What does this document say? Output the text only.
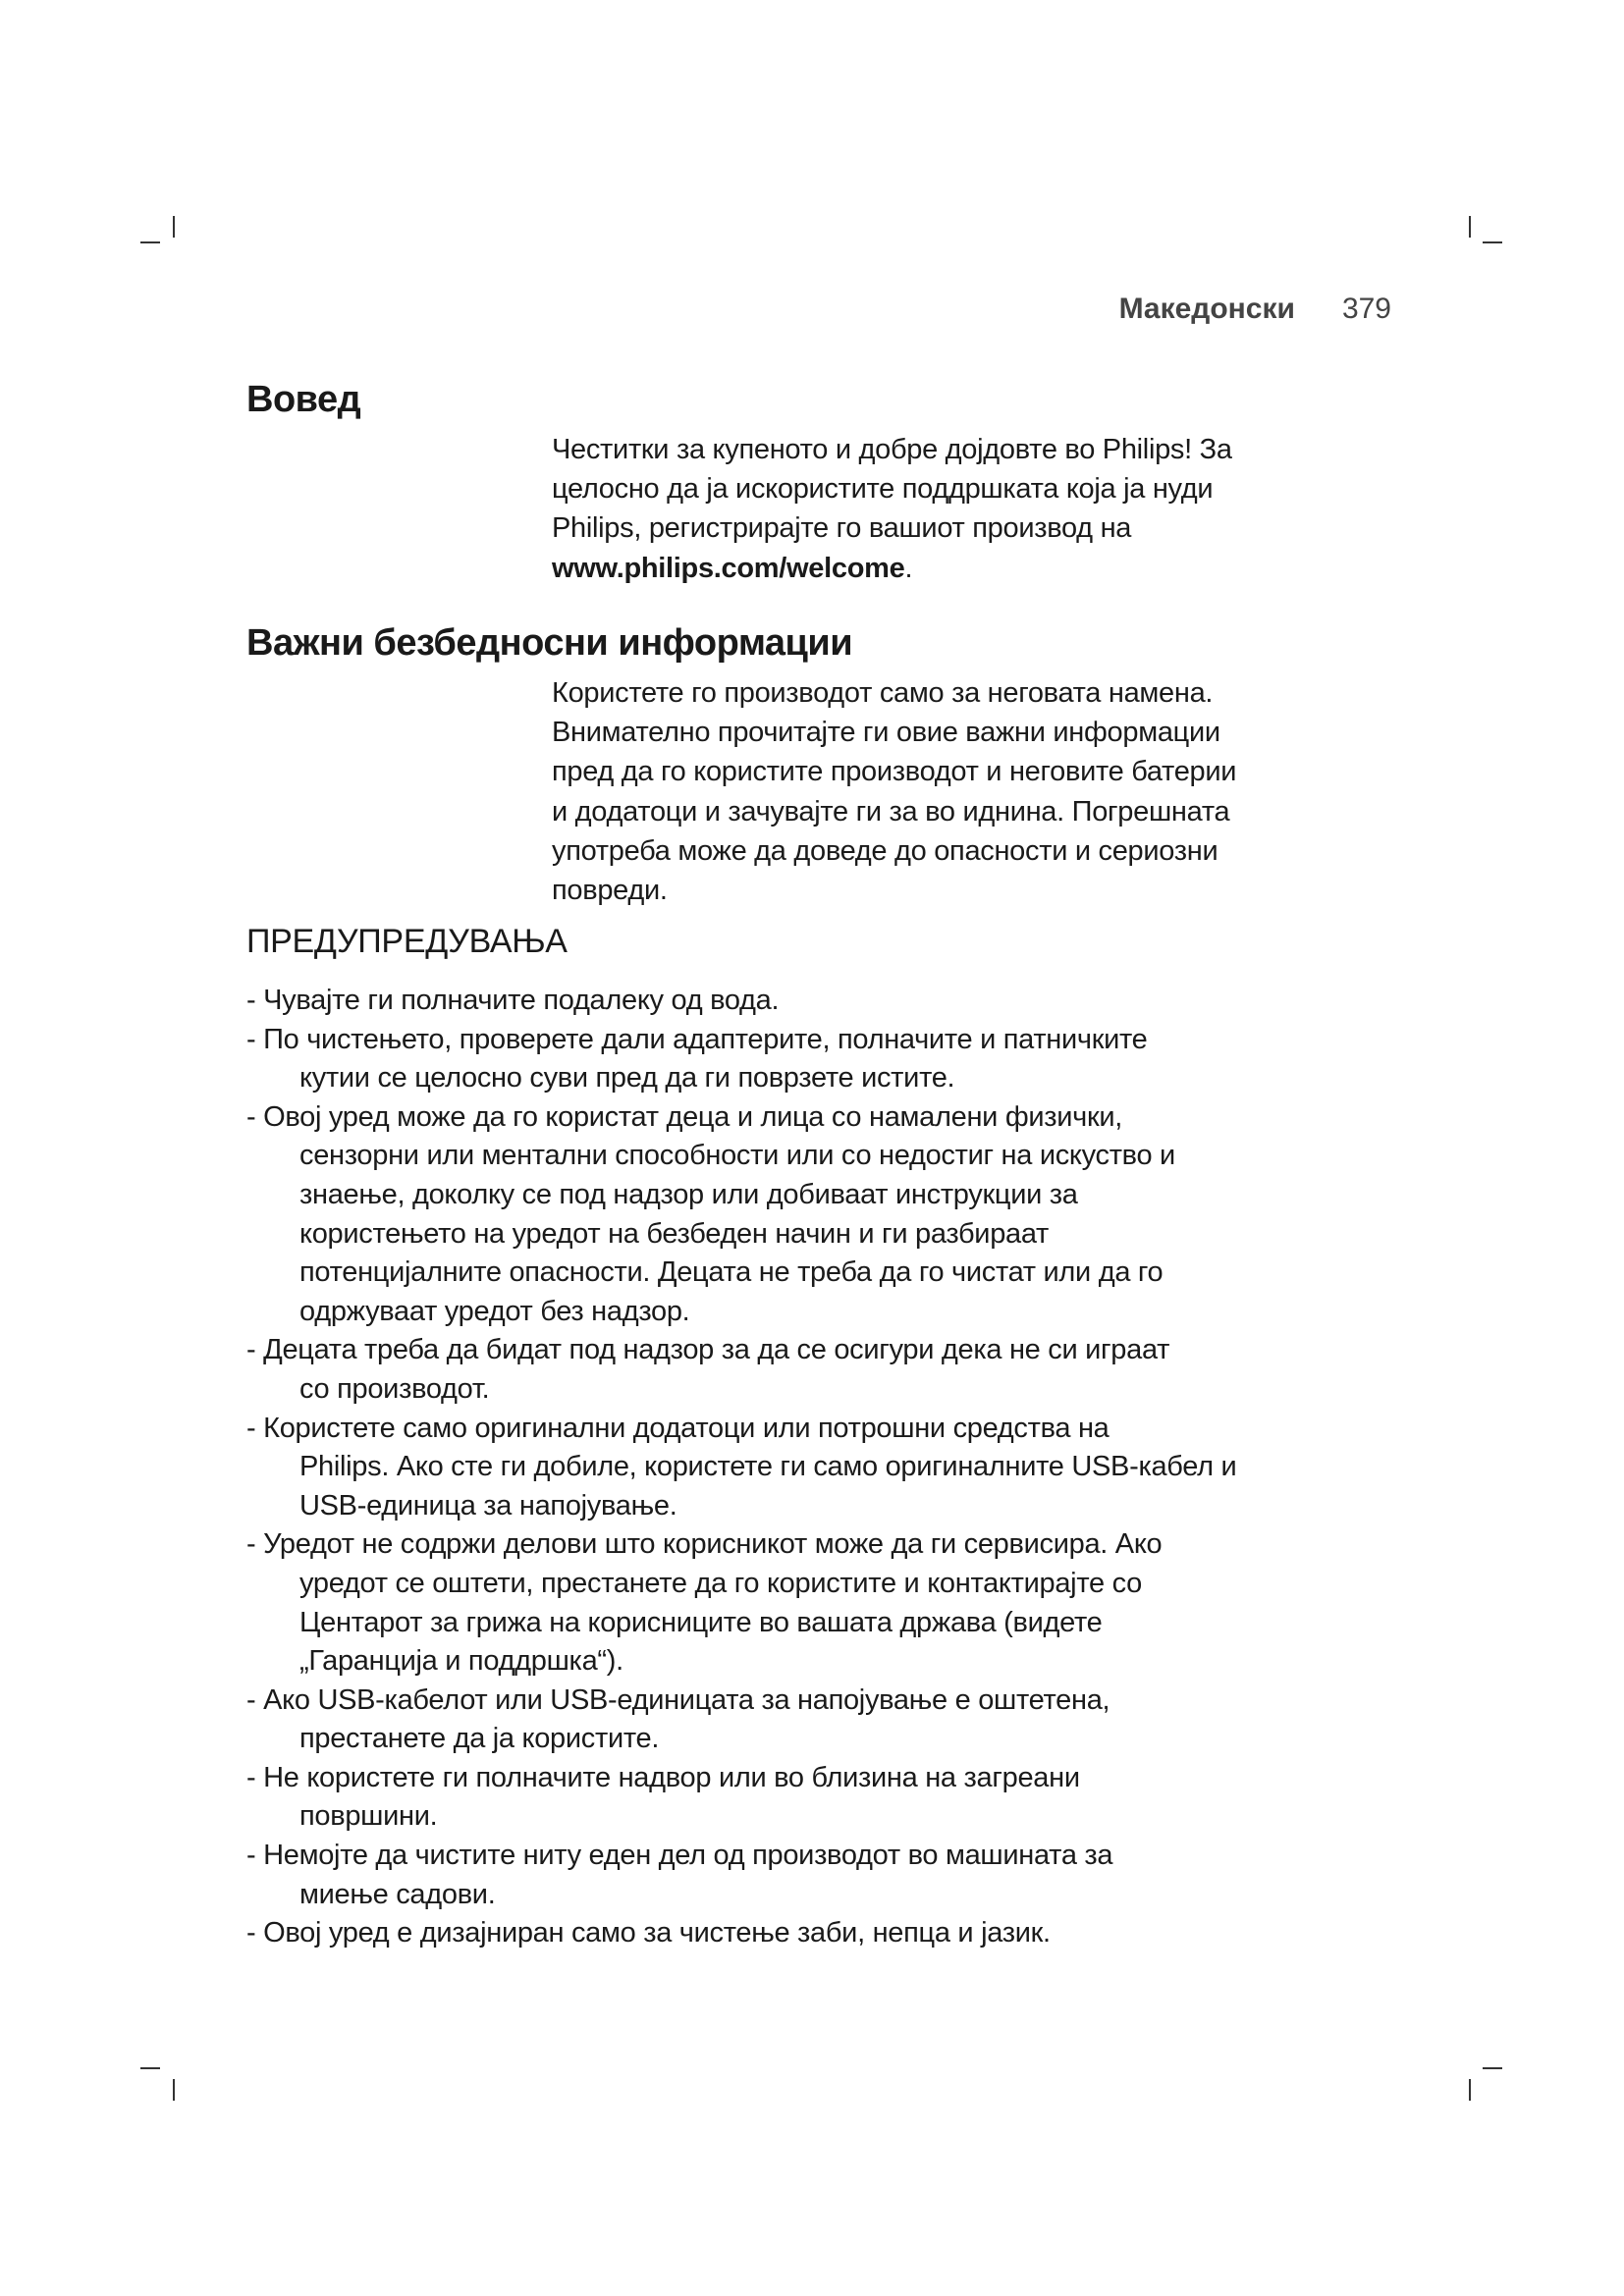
Македонски 379
Вовед
Честитки за купеното и добре дојдовте во Philips! За
целосно да ја искористите поддршката која ја нуди
Philips, регистрирајте го вашиот производ на
www.philips.com/welcome.
Важни безбедносни информации
Користете го производот само за неговата намена.
Внимателно прочитајте ги овие важни информации
пред да го користите производот и неговите батерии
и додатоци и зачувајте ги за во иднина. Погрешната
употреба може да доведе до опасности и сериозни
повреди.
ПРЕДУПРЕДУВАЊА
- Чувајте ги полначите подалеку од вода.
- По чистењето, проверете дали адаптерите, полначите и патничките
кутии се целосно суви пред да ги поврзете истите.
- Овој уред може да го користат деца и лица со намалени физички,
сензорни или ментални способности или со недостиг на искуство и
знаење, доколку се под надзор или добиваат инструкции за
користењето на уредот на безбеден начин и ги разбираат
потенцијалните опасности. Децата не треба да го чистат или да го
одржуваат уредот без надзор.
- Децата треба да бидат под надзор за да се осигури дека не си играат
со производот.
- Користете само оригинални додатоци или потрошни средства на
Philips. Ако сте ги добиле, користете ги само оригиналните USB-кабел и
USB-единица за напојување.
- Уредот не содржи делови што корисникот може да ги сервисира. Ако
уредот се оштети, престанете да го користите и контактирајте со
Центарот за грижа на корисниците во вашата држава (видете
„Гаранција и поддршка“).
- Ако USB-кабелот или USB-единицата за напојување е оштетена,
престанете да ја користите.
- Не користете ги полначите надвор или во близина на загреани
површини.
- Немојте да чистите ниту еден дел од производот во машината за
миење садови.
- Овој уред е дизајниран само за чистење заби, непца и јазик.
